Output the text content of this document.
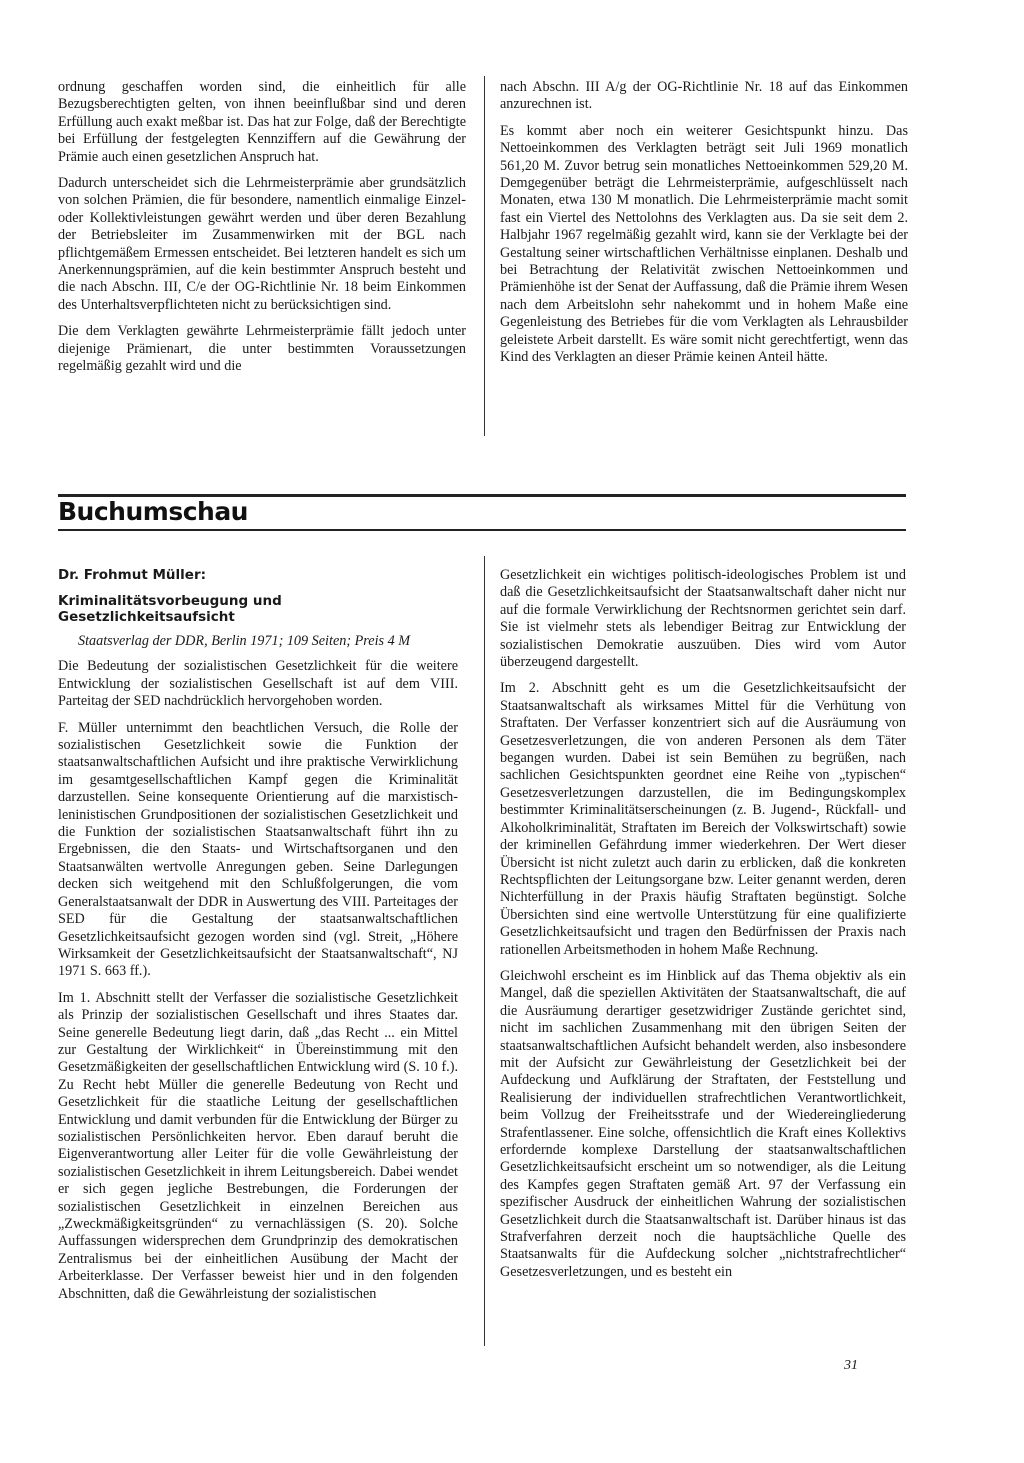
ordnung geschaffen worden sind, die einheitlich für alle Bezugsberechtigten gelten, von ihnen beeinflußbar sind und deren Erfüllung auch exakt meßbar ist. Das hat zur Folge, daß der Berechtigte bei Erfüllung der festgelegten Kennziffern auf die Gewährung der Prämie auch einen gesetzlichen Anspruch hat.

Dadurch unterscheidet sich die Lehrmeisterprämie aber grundsätzlich von solchen Prämien, die für besondere, namentlich einmalige Einzel- oder Kollektivleistungen gewährt werden und über deren Bezahlung der Betriebsleiter im Zusammenwirken mit der BGL nach pflichtgemäßem Ermessen entscheidet. Bei letzteren handelt es sich um Anerkennungsprämien, auf die kein bestimmter Anspruch besteht und die nach Abschn. III, C/e der OG-Richtlinie Nr. 18 beim Einkommen des Unterhaltsverpflichteten nicht zu berücksichtigen sind.

Die dem Verklagten gewährte Lehrmeisterprämie fällt jedoch unter diejenige Prämienart, die unter bestimmten Voraussetzungen regelmäßig gezahlt wird und die

nach Abschn. III A/g der OG-Richtlinie Nr. 18 auf das Einkommen anzurechnen ist.

Es kommt aber noch ein weiterer Gesichtspunkt hinzu. Das Nettoeinkommen des Verklagten beträgt seit Juli 1969 monatlich 561,20 M. Zuvor betrug sein monatliches Nettoeinkommen 529,20 M. Demgegenüber beträgt die Lehrmeisterprämie, aufgeschlüsselt nach Monaten, etwa 130 M monatlich. Die Lehrmeisterprämie macht somit fast ein Viertel des Nettolohns des Verklagten aus. Da sie seit dem 2. Halbjahr 1967 regelmäßig gezahlt wird, kann sie der Verklagte bei der Gestaltung seiner wirtschaftlichen Verhältnisse einplanen. Deshalb und bei Betrachtung der Relativität zwischen Nettoeinkommen und Prämienhöhe ist der Senat der Auffassung, daß die Prämie ihrem Wesen nach dem Arbeitslohn sehr nahekommt und in hohem Maße eine Gegenleistung des Betriebes für die vom Verklagten als Lehrausbilder geleistete Arbeit darstellt. Es wäre somit nicht gerechtfertigt, wenn das Kind des Verklagten an dieser Prämie keinen Anteil hätte.

Buchumschau
Dr. Frohmut Müller:
Kriminalitätsvorbeugung und Gesetzlichkeitsaufsicht

Staatsverlag der DDR, Berlin 1971; 109 Seiten; Preis 4 M

Die Bedeutung der sozialistischen Gesetzlichkeit für die weitere Entwicklung der sozialistischen Gesellschaft ist auf dem VIII. Parteitag der SED nachdrücklich hervorgehoben worden.

F. Müller unternimmt den beachtlichen Versuch, die Rolle der sozialistischen Gesetzlichkeit sowie die Funktion der staatsanwaltschaftlichen Aufsicht und ihre praktische Verwirklichung im gesamtgesellschaftlichen Kampf gegen die Kriminalität darzustellen. Seine konsequente Orientierung auf die marxistisch-leninistischen Grundpositionen der sozialistischen Gesetzlichkeit und die Funktion der sozialistischen Staatsanwaltschaft führt ihn zu Ergebnissen, die den Staats- und Wirtschaftsorganen und den Staatsanwälten wertvolle Anregungen geben. Seine Darlegungen decken sich weitgehend mit den Schlußfolgerungen, die vom Generalstaatsanwalt der DDR in Auswertung des VIII. Parteitages der SED für die Gestaltung der staatsanwaltschaftlichen Gesetzlichkeitsaufsicht gezogen worden sind (vgl. Streit, „Höhere Wirksamkeit der Gesetzlichkeitsaufsicht der Staatsanwaltschaft“, NJ 1971 S. 663 ff.).

Im 1. Abschnitt stellt der Verfasser die sozialistische Gesetzlichkeit als Prinzip der sozialistischen Gesellschaft und ihres Staates dar. Seine generelle Bedeutung liegt darin, daß „das Recht ... ein Mittel zur Gestaltung der Wirklichkeit“ in Übereinstimmung mit den Gesetzmäßigkeiten der gesellschaftlichen Entwicklung wird (S. 10 f.). Zu Recht hebt Müller die generelle Bedeutung von Recht und Gesetzlichkeit für die staatliche Leitung der gesellschaftlichen Entwicklung und damit verbunden für die Entwicklung der Bürger zu sozialistischen Persönlichkeiten hervor. Eben darauf beruht die Eigenverantwortung aller Leiter für die volle Gewährleistung der sozialistischen Gesetzlichkeit in ihrem Leitungsbereich. Dabei wendet er sich gegen jegliche Bestrebungen, die Forderungen der sozialistischen Gesetzlichkeit in einzelnen Bereichen aus „Zweckmäßigkeitsgründen“ zu vernachlässigen (S. 20). Solche Auffassungen widersprechen dem Grundprinzip des demokratischen Zentralismus bei der einheitlichen Ausübung der Macht der Arbeiterklasse. Der Verfasser beweist hier und in den folgenden Abschnitten, daß die Gewährleistung der sozialistischen

Gesetzlichkeit ein wichtiges politisch-ideologisches Problem ist und daß die Gesetzlichkeitsaufsicht der Staatsanwaltschaft daher nicht nur auf die formale Verwirklichung der Rechtsnormen gerichtet sein darf. Sie ist vielmehr stets als lebendiger Beitrag zur Entwicklung der sozialistischen Demokratie auszuüben. Dies wird vom Autor überzeugend dargestellt.

Im 2. Abschnitt geht es um die Gesetzlichkeitsaufsicht der Staatsanwaltschaft als wirksames Mittel für die Verhütung von Straftaten. Der Verfasser konzentriert sich auf die Ausräumung von Gesetzesverletzungen, die von anderen Personen als dem Täter begangen wurden. Dabei ist sein Bemühen zu begrüßen, nach sachlichen Gesichtspunkten geordnet eine Reihe von „typischen“ Gesetzesverletzungen darzustellen, die im Bedingungskomplex bestimmter Kriminalitätserscheinungen (z. B. Jugend-, Rückfall- und Alkoholkriminalität, Straftaten im Bereich der Volkswirtschaft) sowie der kriminellen Gefährdung immer wiederkehren. Der Wert dieser Übersicht ist nicht zuletzt auch darin zu erblicken, daß die konkreten Rechtspflichten der Leitungsorgane bzw. Leiter genannt werden, deren Nichterfüllung in der Praxis häufig Straftaten begünstigt. Solche Übersichten sind eine wertvolle Unterstützung für eine qualifizierte Gesetzlichkeitsaufsicht und tragen den Bedürfnissen der Praxis nach rationellen Arbeitsmethoden in hohem Maße Rechnung.

Gleichwohl erscheint es im Hinblick auf das Thema objektiv als ein Mangel, daß die speziellen Aktivitäten der Staatsanwaltschaft, die auf die Ausräumung derartiger gesetzwidriger Zustände gerichtet sind, nicht im sachlichen Zusammenhang mit den übrigen Seiten der staatsanwaltschaftlichen Aufsicht behandelt werden, also insbesondere mit der Aufsicht zur Gewährleistung der Gesetzlichkeit bei der Aufdeckung und Aufklärung der Straftaten, der Feststellung und Realisierung der individuellen strafrechtlichen Verantwortlichkeit, beim Vollzug der Freiheitsstrafe und der Wiedereingliederung Strafentlassener. Eine solche, offensichtlich die Kraft eines Kollektivs erfordernde komplexe Darstellung der staatsanwaltschaftlichen Gesetzlichkeitsaufsicht erscheint um so notwendiger, als die Leitung des Kampfes gegen Straftaten gemäß Art. 97 der Verfassung ein spezifischer Ausdruck der einheitlichen Wahrung der sozialistischen Gesetzlichkeit durch die Staatsanwaltschaft ist. Darüber hinaus ist das Strafverfahren derzeit noch die hauptsächliche Quelle des Staatsanwalts für die Aufdeckung solcher „nichtstrafrechtlicher“ Gesetzesverletzungen, und es besteht ein

31
